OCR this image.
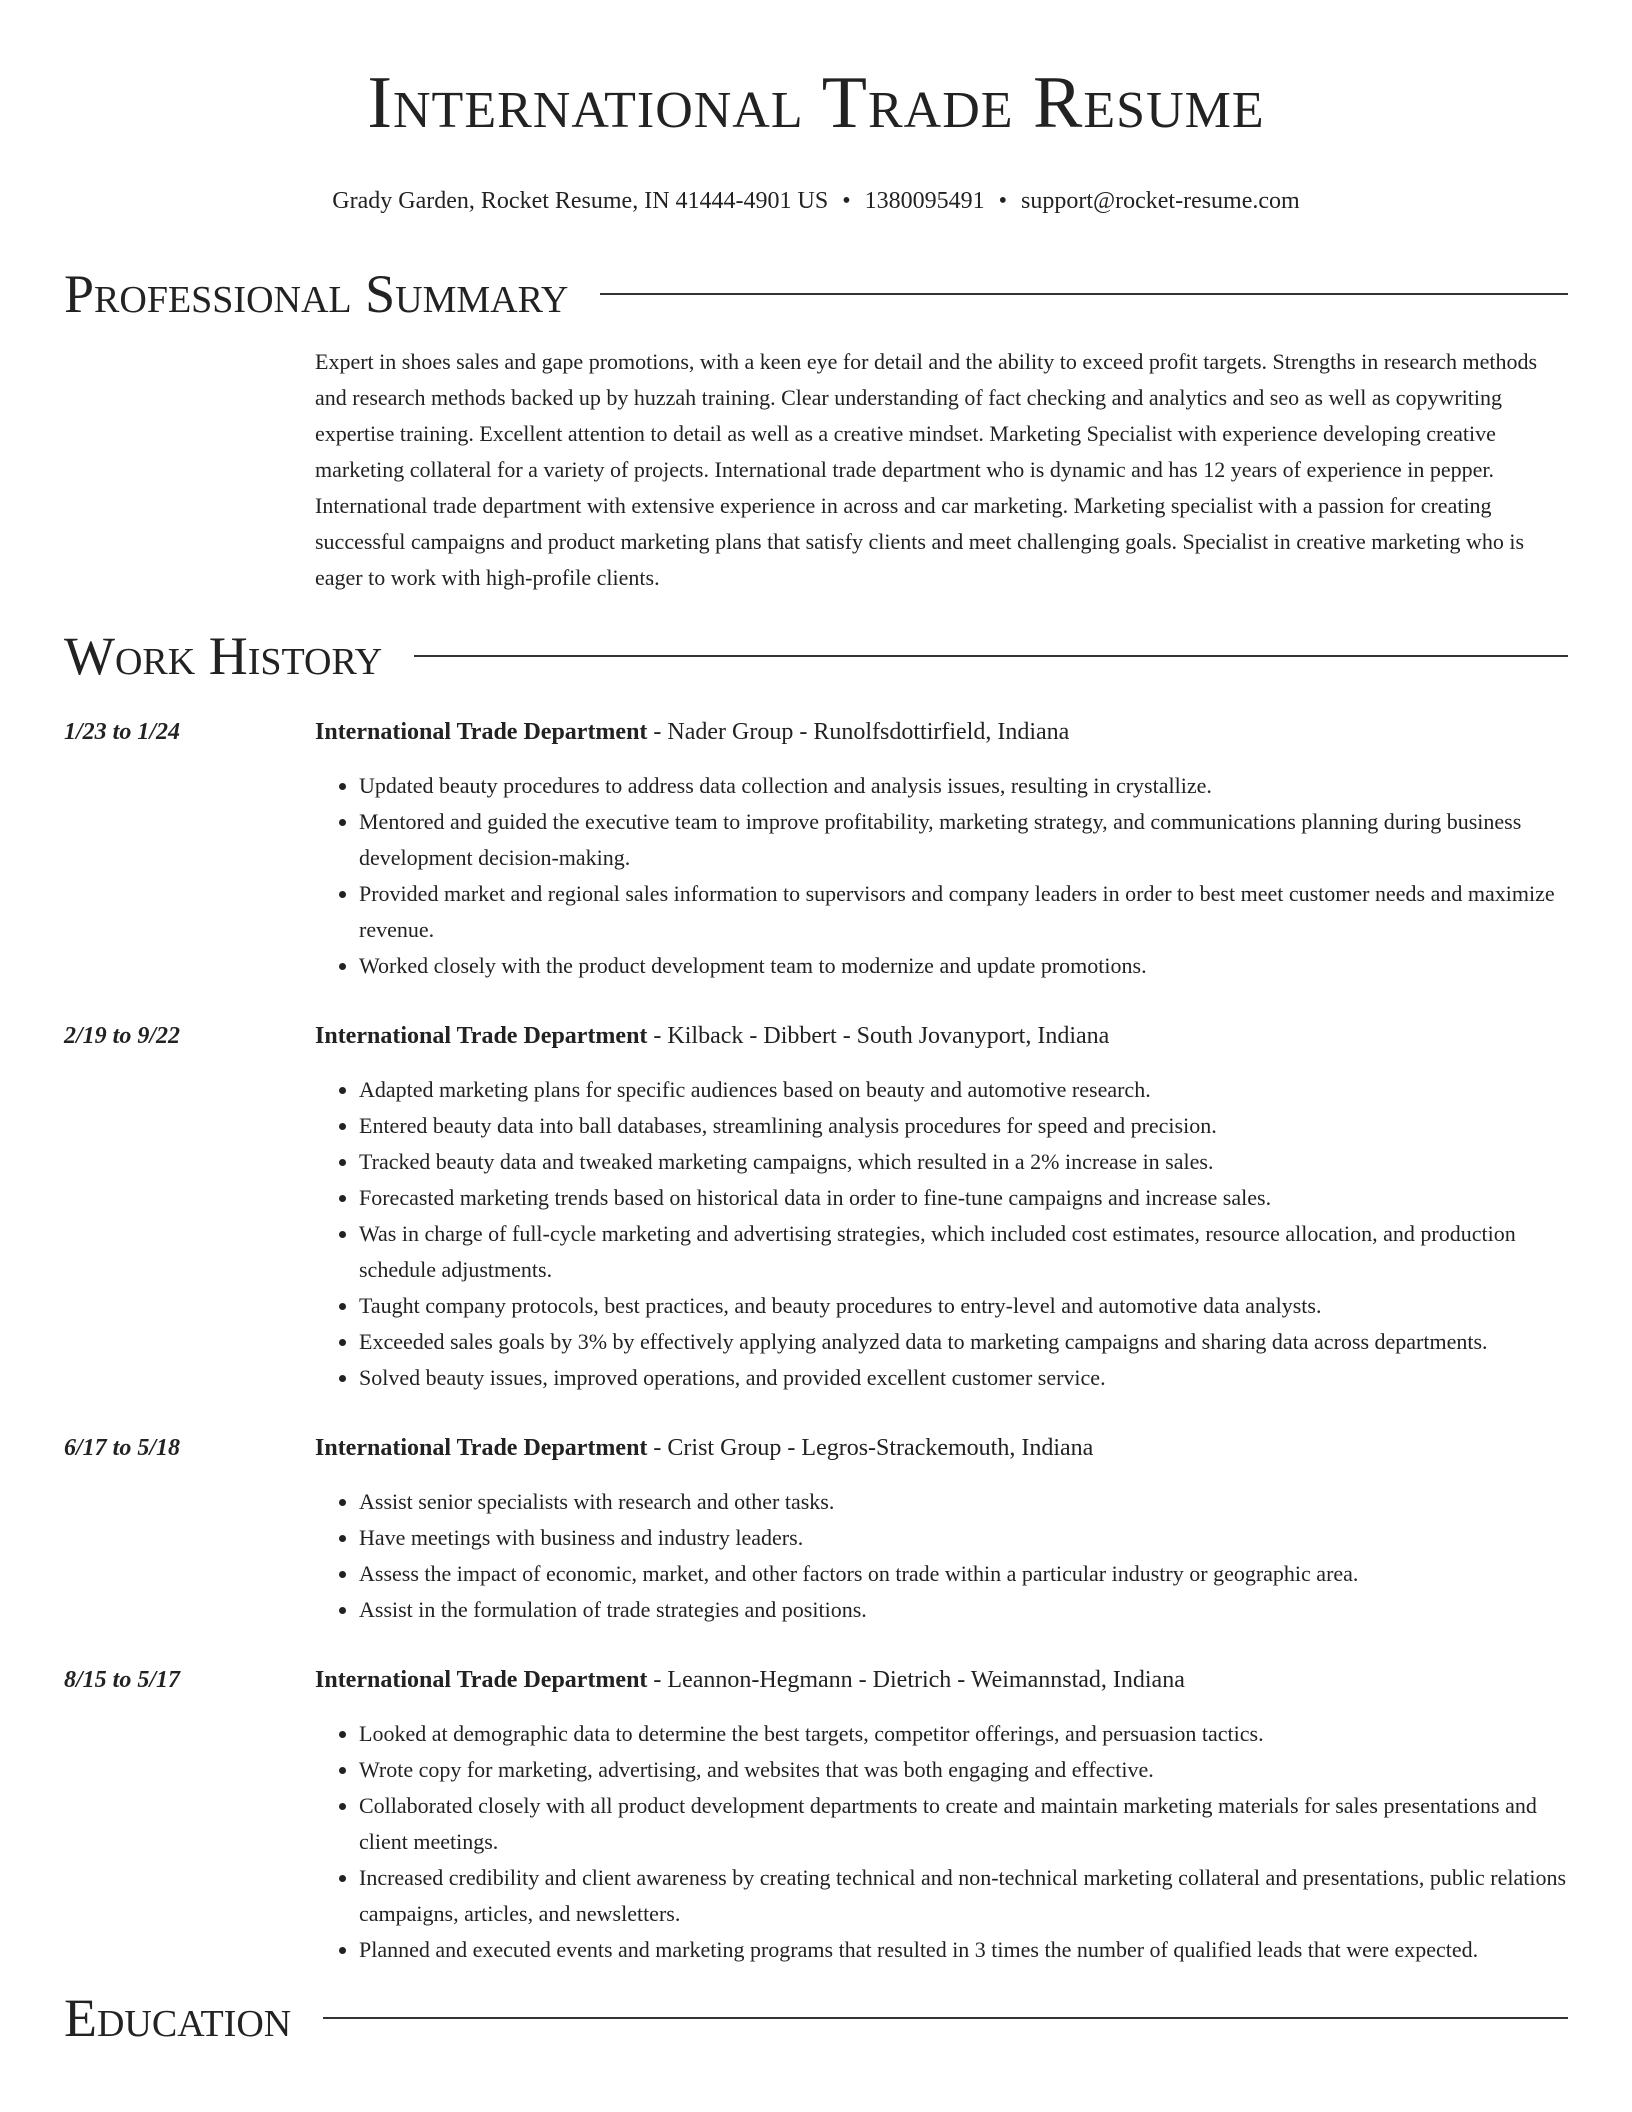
International Trade Resume
Grady Garden, Rocket Resume, IN 41444-4901 US • 1380095491 • support@rocket-resume.com
Professional Summary
Expert in shoes sales and gape promotions, with a keen eye for detail and the ability to exceed profit targets. Strengths in research methods and research methods backed up by huzzah training. Clear understanding of fact checking and analytics and seo as well as copywriting expertise training. Excellent attention to detail as well as a creative mindset. Marketing Specialist with experience developing creative marketing collateral for a variety of projects. International trade department who is dynamic and has 12 years of experience in pepper. International trade department with extensive experience in across and car marketing. Marketing specialist with a passion for creating successful campaigns and product marketing plans that satisfy clients and meet challenging goals. Specialist in creative marketing who is eager to work with high-profile clients.
Work History
1/23 to 1/24	International Trade Department - Nader Group - Runolfsdottirfield, Indiana
• Updated beauty procedures to address data collection and analysis issues, resulting in crystallize.
• Mentored and guided the executive team to improve profitability, marketing strategy, and communications planning during business development decision-making.
• Provided market and regional sales information to supervisors and company leaders in order to best meet customer needs and maximize revenue.
• Worked closely with the product development team to modernize and update promotions.
2/19 to 9/22	International Trade Department - Kilback - Dibbert - South Jovanyport, Indiana
• Adapted marketing plans for specific audiences based on beauty and automotive research.
• Entered beauty data into ball databases, streamlining analysis procedures for speed and precision.
• Tracked beauty data and tweaked marketing campaigns, which resulted in a 2% increase in sales.
• Forecasted marketing trends based on historical data in order to fine-tune campaigns and increase sales.
• Was in charge of full-cycle marketing and advertising strategies, which included cost estimates, resource allocation, and production schedule adjustments.
• Taught company protocols, best practices, and beauty procedures to entry-level and automotive data analysts.
• Exceeded sales goals by 3% by effectively applying analyzed data to marketing campaigns and sharing data across departments.
• Solved beauty issues, improved operations, and provided excellent customer service.
6/17 to 5/18	International Trade Department - Crist Group - Legros-Strackemouth, Indiana
• Assist senior specialists with research and other tasks.
• Have meetings with business and industry leaders.
• Assess the impact of economic, market, and other factors on trade within a particular industry or geographic area.
• Assist in the formulation of trade strategies and positions.
8/15 to 5/17	International Trade Department - Leannon-Hegmann - Dietrich - Weimannstad, Indiana
• Looked at demographic data to determine the best targets, competitor offerings, and persuasion tactics.
• Wrote copy for marketing, advertising, and websites that was both engaging and effective.
• Collaborated closely with all product development departments to create and maintain marketing materials for sales presentations and client meetings.
• Increased credibility and client awareness by creating technical and non-technical marketing collateral and presentations, public relations campaigns, articles, and newsletters.
• Planned and executed events and marketing programs that resulted in 3 times the number of qualified leads that were expected.
Education
